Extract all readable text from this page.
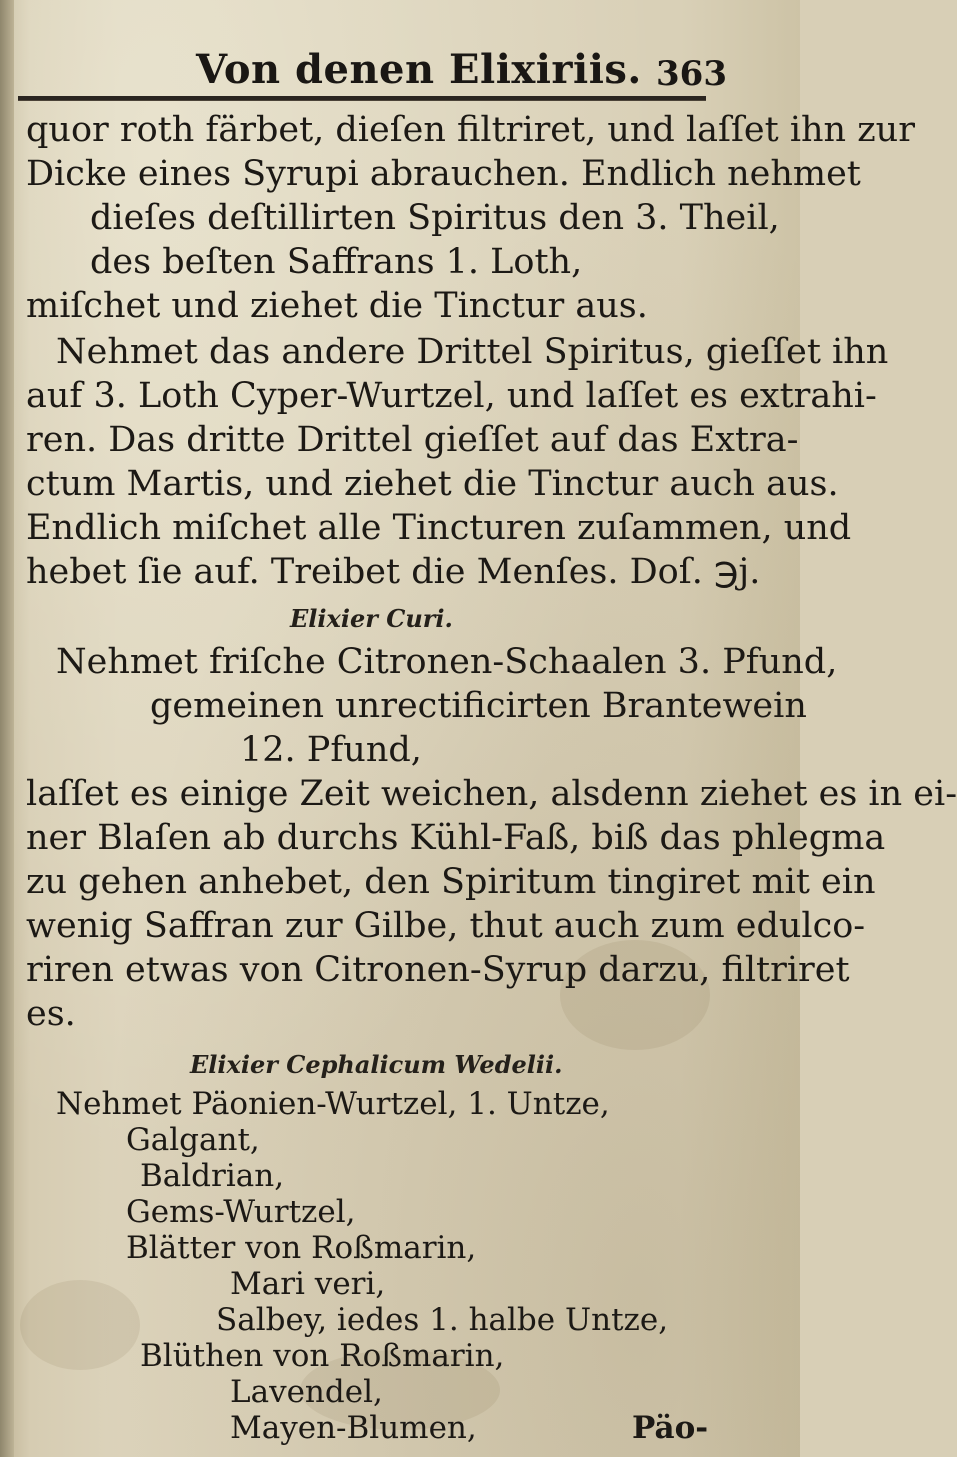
Von denen Elixiriis. 363
quor roth färbet, dieſen filtriret, und laſſet ihn zur
Dicke eines Syrupi abrauchen. Endlich nehmet
dieſes deſtillirten Spiritus den 3. Theil,
des beſten Saffrans 1. Loth,
miſchet und ziehet die Tinctur aus.
Nehmet das andere Drittel Spiritus, gieſſet ihn
auf 3. Loth Cyper-Wurtzel, und laſſet es extrahi-
ren. Das dritte Drittel gieſſet auf das Extra-
ctum Martis, und ziehet die Tinctur auch aus.
Endlich miſchet alle Tincturen zuſammen, und
hebet ſie auf. Treibet die Menſes. Doſ. ℈j.
Elixier Curi.
Nehmet friſche Citronen-Schaalen 3. Pfund,
gemeinen unrectificirten Brantewein
12. Pfund,
laſſet es einige Zeit weichen, alsdenn ziehet es in ei-
ner Blaſen ab durchs Kühl-Faß, biß das phlegma
zu gehen anhebet, den Spiritum tingiret mit ein
wenig Saffran zur Gilbe, thut auch zum edulco-
riren etwas von Citronen-Syrup darzu, filtriret
es.
Elixier Cephalicum Wedelii.
Nehmet Päonien-Wurtzel, 1. Untze,
Galgant,
Baldrian,
Gems-Wurtzel,
Blätter von Roßmarin,
Mari veri,
Salbey, iedes 1. halbe Untze,
Blüthen von Roßmarin,
Päo-
Lavendel,
Mayen-Blumen,
